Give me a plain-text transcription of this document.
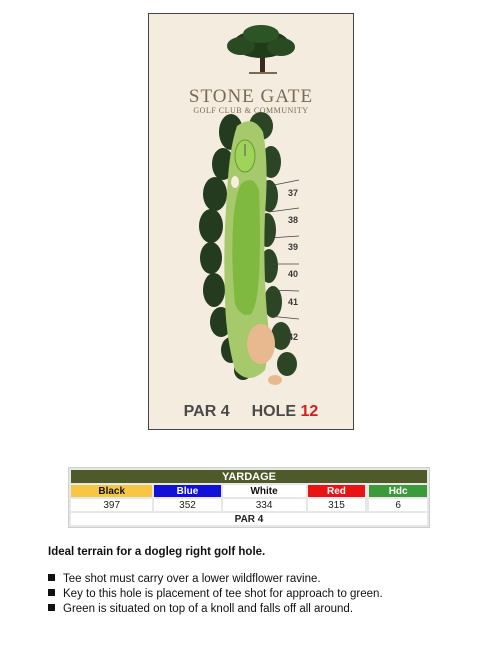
STONE GATE
GOLF CLUB & COMMUNITY
37
38
39
40
41
42
PAR 4 HOLE 12
YARDAGE					
Black	Blue	White	Red		Hdc
397	352	334	315		6
PAR 4					
Ideal terrain for a dogleg right golf hole.
Tee shot must carry over a lower wildflower ravine.
Key to this hole is placement of tee shot for approach to green.
Green is situated on top of a knoll and falls off all around.
